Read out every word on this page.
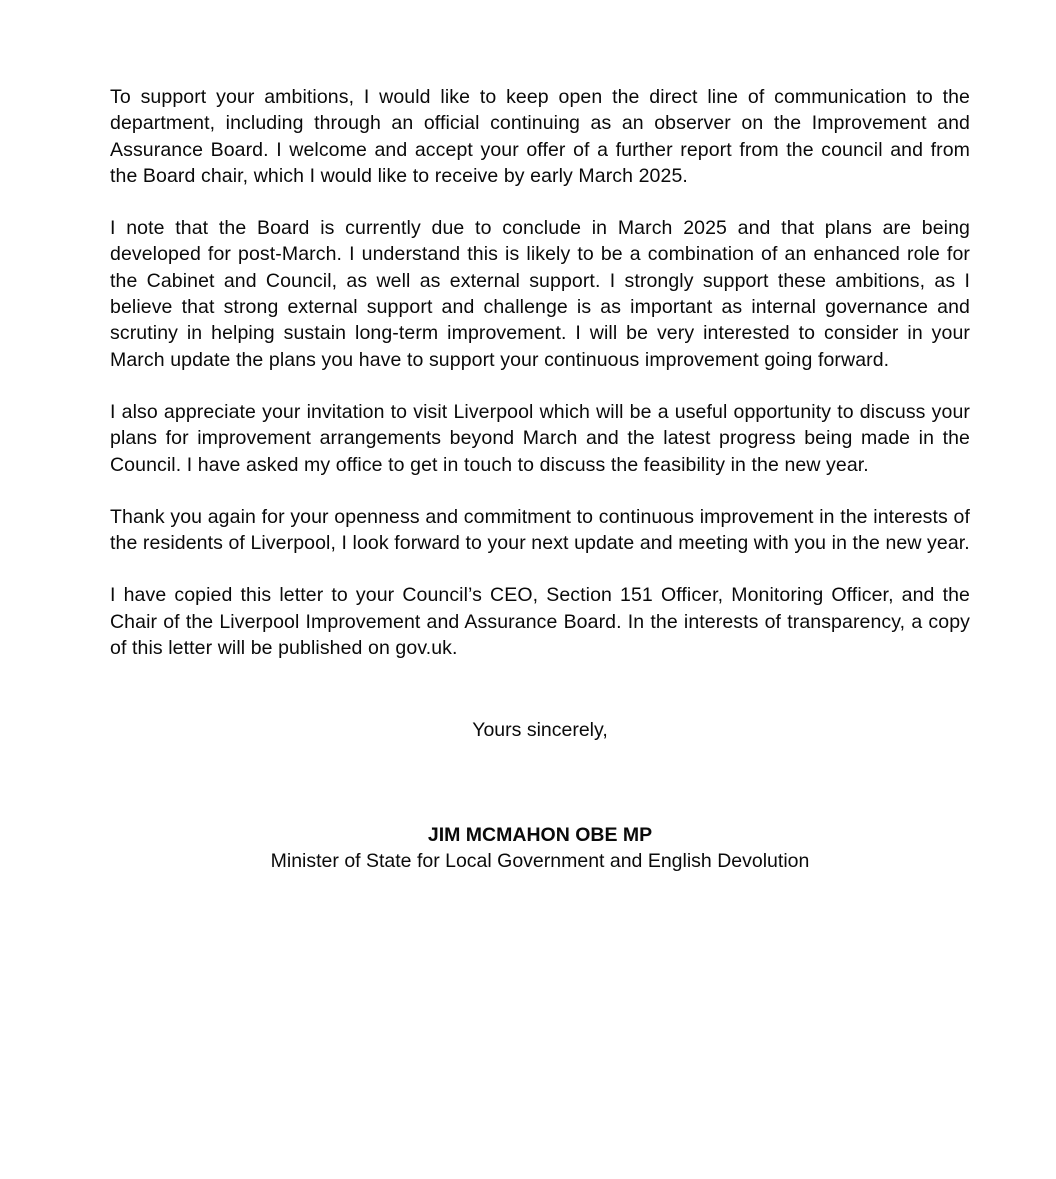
To support your ambitions, I would like to keep open the direct line of communication to the department, including through an official continuing as an observer on the Improvement and Assurance Board. I welcome and accept your offer of a further report from the council and from the Board chair, which I would like to receive by early March 2025.

I note that the Board is currently due to conclude in March 2025 and that plans are being developed for post-March. I understand this is likely to be a combination of an enhanced role for the Cabinet and Council, as well as external support. I strongly support these ambitions, as I believe that strong external support and challenge is as important as internal governance and scrutiny in helping sustain long-term improvement. I will be very interested to consider in your March update the plans you have to support your continuous improvement going forward.

I also appreciate your invitation to visit Liverpool which will be a useful opportunity to discuss your plans for improvement arrangements beyond March and the latest progress being made in the Council. I have asked my office to get in touch to discuss the feasibility in the new year.

Thank you again for your openness and commitment to continuous improvement in the interests of the residents of Liverpool, I look forward to your next update and meeting with you in the new year.

I have copied this letter to your Council’s CEO, Section 151 Officer, Monitoring Officer, and the Chair of the Liverpool Improvement and Assurance Board. In the interests of transparency, a copy of this letter will be published on gov.uk.

Yours sincerely,

JIM MCMAHON OBE MP

Minister of State for Local Government and English Devolution
